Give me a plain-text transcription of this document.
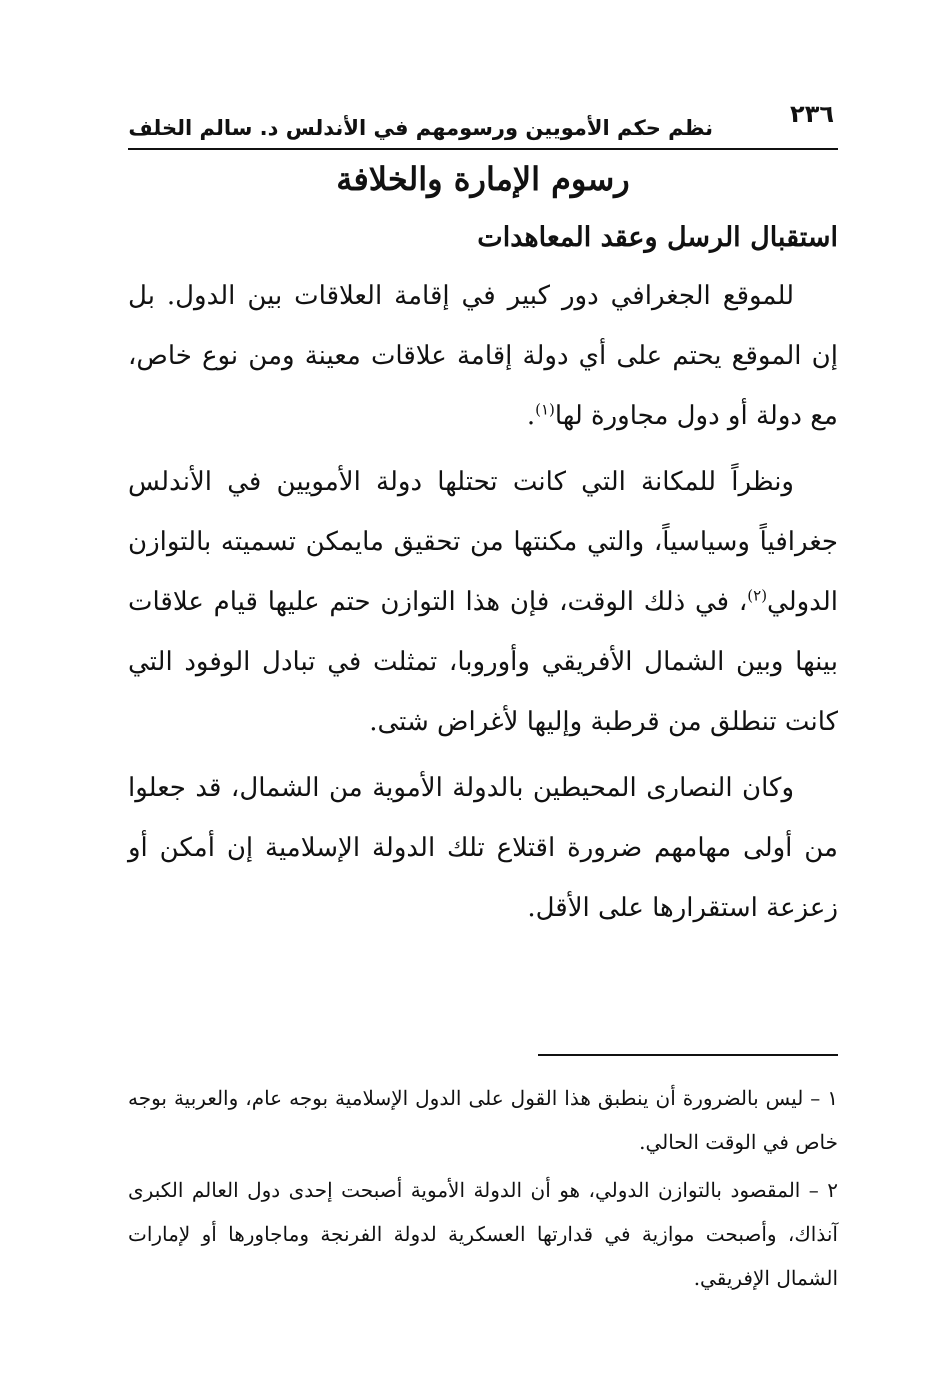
٢٣٦
نظم حكم الأمويين ورسومهم في الأندلس د. سالم الخلف
رسوم الإمارة والخلافة
استقبال الرسل وعقد المعاهدات

للموقع الجغرافي دور كبير في إقامة العلاقات بين الدول. بل إن الموقع يحتم على أي دولة إقامة علاقات معينة ومن نوع خاص، مع دولة أو دول مجاورة لها$^{(١)}$.

ونظراً للمكانة التي كانت تحتلها دولة الأمويين في الأندلس جغرافياً وسياسياً، والتي مكنتها من تحقيق مايمكن تسميته بالتوازن الدولي$^{(٢)}$، في ذلك الوقت، فإن هذا التوازن حتم عليها قيام علاقات بينها وبين الشمال الأفريقي وأوروبا، تمثلت في تبادل الوفود التي كانت تنطلق من قرطبة وإليها لأغراض شتى.

وكان النصارى المحيطين بالدولة الأموية من الشمال، قد جعلوا من أولى مهامهم ضرورة اقتلاع تلك الدولة الإسلامية إن أمكن أو زعزعة استقرارها على الأقل.

١ – ليس بالضرورة أن ينطبق هذا القول على الدول الإسلامية بوجه عام، والعربية بوجه خاص في الوقت الحالي.

٢ – المقصود بالتوازن الدولي، هو أن الدولة الأموية أصبحت إحدى دول العالم الكبرى آنذاك، وأصبحت موازية في قدارتها العسكرية لدولة الفرنجة وماجاورها أو لإمارات الشمال الإفريقي.
